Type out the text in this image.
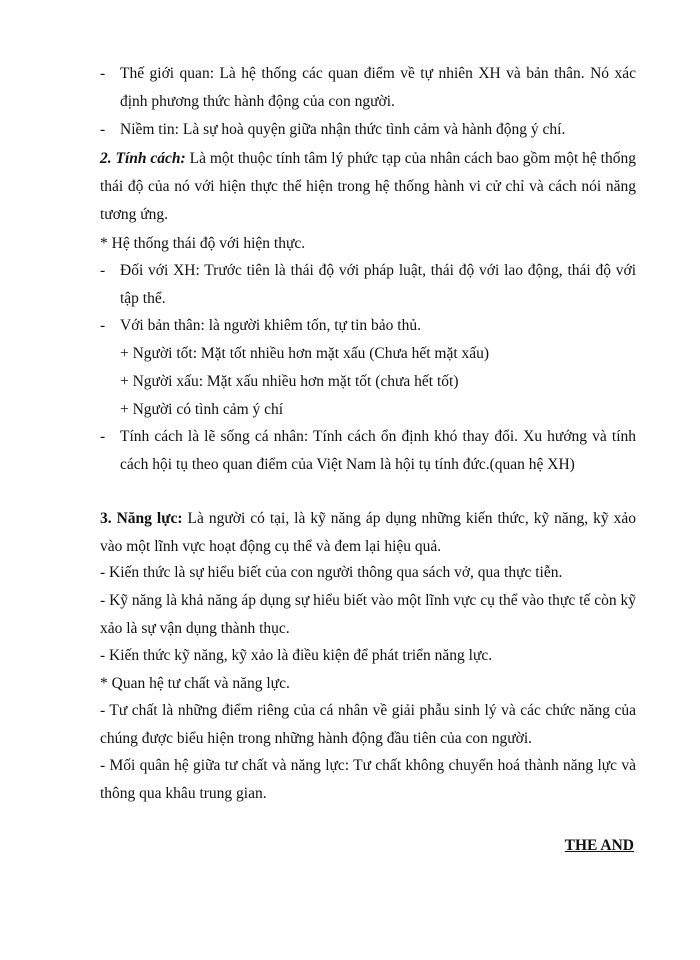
- Thế giới quan: Là hệ thống các quan điểm về tự nhiên XH và bản thân. Nó xác định phương thức hành động của con người.
- Niềm tin: Là sự hoà quyện giữa nhận thức tình cảm và hành động ý chí.
2. Tính cách: Là một thuộc tính tâm lý phức tạp của nhân cách bao gồm một hệ thống thái độ của nó với hiện thực thể hiện trong hệ thống hành vi cử chỉ và cách nói năng tương ứng.
* Hệ thống thái độ với hiện thực.
- Đối với XH: Trước tiên là thái độ với pháp luật, thái độ với lao động, thái độ với tập thể.
- Với bản thân: là người khiêm tốn, tự tin bảo thủ.
+ Người tốt: Mặt tốt nhiều hơn mặt xấu (Chưa hết mặt xấu)
+ Người xấu: Mặt xấu nhiều hơn mặt tốt (chưa hết tốt)
+ Người có tình cảm ý chí
- Tính cách là lẽ sống cá nhân: Tính cách ổn định khó thay đổi. Xu hướng và tính cách hội tụ theo quan điểm của Việt Nam là hội tụ tính đức.(quan hệ XH)
3. Năng lực: Là người có tại, là kỹ năng áp dụng những kiến thức, kỹ năng, kỹ xảo vào một lĩnh vực hoạt động cụ thể và đem lại hiệu quả.
- Kiến thức là sự hiểu biết của con người thông qua sách vở, qua thực tiễn.
- Kỹ năng là khả năng áp dụng sự hiểu biết vào một lĩnh vực cụ thể vào thực tế còn kỹ xảo là sự vận dụng thành thục.
- Kiến thức kỹ năng, kỹ xảo là điều kiện để phát triển năng lực.
* Quan hệ tư chất và năng lực.
- Tư chất là những điểm riêng của cá nhân về giải phẫu sinh lý và các chức năng của chúng được biểu hiện trong những hành động đầu tiên của con người.
- Mối quân hệ giữa tư chất và năng lực: Tư chất không chuyển hoá thành năng lực và thông qua khâu trung gian.
THE AND
